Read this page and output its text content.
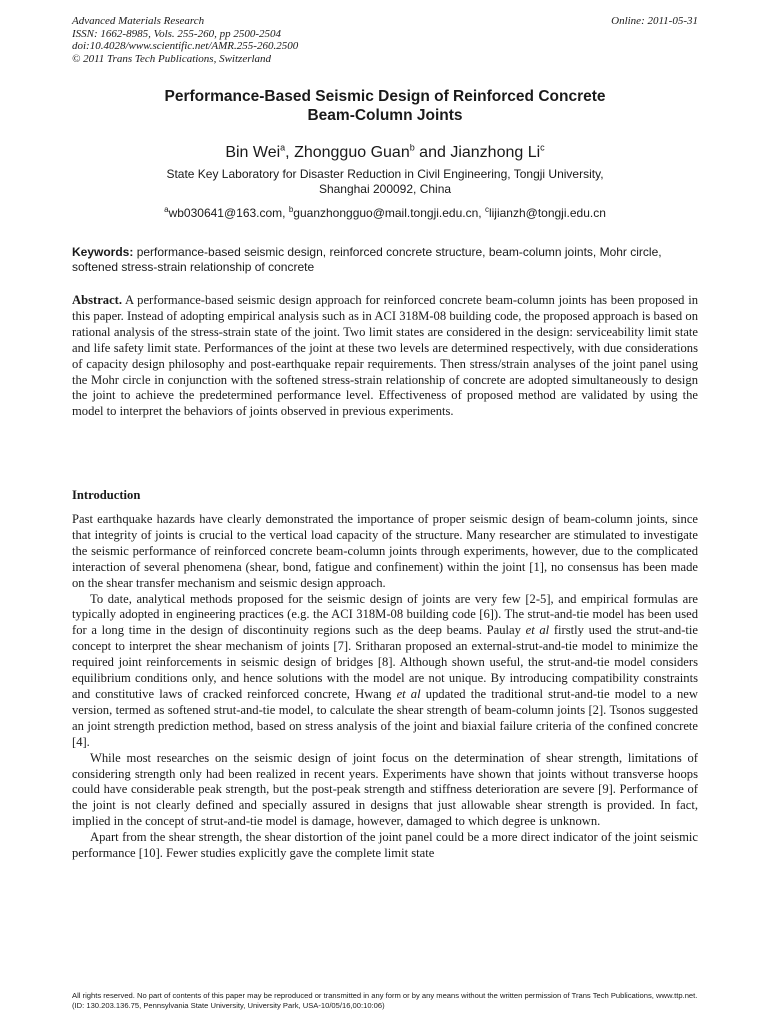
Advanced Materials Research
ISSN: 1662-8985, Vols. 255-260, pp 2500-2504
doi:10.4028/www.scientific.net/AMR.255-260.2500
© 2011 Trans Tech Publications, Switzerland
Online: 2011-05-31
Performance-Based Seismic Design of Reinforced Concrete
Beam-Column Joints
Bin Wei$^a$, Zhongguo Guan$^b$ and Jianzhong Li$^c$
State Key Laboratory for Disaster Reduction in Civil Engineering, Tongji University, Shanghai 200092, China
$^a$wb030641@163.com, $^b$guanzhongguo@mail.tongji.edu.cn, $^c$lijianzh@tongji.edu.cn
Keywords: performance-based seismic design, reinforced concrete structure, beam-column joints, Mohr circle, softened stress-strain relationship of concrete
Abstract. A performance-based seismic design approach for reinforced concrete beam-column joints has been proposed in this paper. Instead of adopting empirical analysis such as in ACI 318M-08 building code, the proposed approach is based on rational analysis of the stress-strain state of the joint. Two limit states are considered in the design: serviceability limit state and life safety limit state. Performances of the joint at these two levels are determined respectively, with due considerations of capacity design philosophy and post-earthquake repair requirements. Then stress/strain analyses of the joint panel using the Mohr circle in conjunction with the softened stress-strain relationship of concrete are adopted simultaneously to design the joint to achieve the predetermined performance level. Effectiveness of proposed method are validated by using the model to interpret the behaviors of joints observed in previous experiments.
Introduction

Past earthquake hazards have clearly demonstrated the importance of proper seismic design of beam-column joints, since that integrity of joints is crucial to the vertical load capacity of the structure. Many researcher are stimulated to investigate the seismic performance of reinforced concrete beam-column joints through experiments, however, due to the complicated interaction of several phenomena (shear, bond, fatigue and confinement) within the joint [1], no consensus has been made on the shear transfer mechanism and seismic design approach.

To date, analytical methods proposed for the seismic design of joints are very few [2-5], and empirical formulas are typically adopted in engineering practices (e.g. the ACI 318M-08 building code [6]). The strut-and-tie model has been used for a long time in the design of discontinuity regions such as the deep beams. Paulay et al firstly used the strut-and-tie concept to interpret the shear mechanism of joints [7]. Sritharan proposed an external-strut-and-tie model to minimize the required joint reinforcements in seismic design of bridges [8]. Although shown useful, the strut-and-tie model considers equilibrium conditions only, and hence solutions with the model are not unique. By introducing compatibility constraints and constitutive laws of cracked reinforced concrete, Hwang et al updated the traditional strut-and-tie model to a new version, termed as softened strut-and-tie model, to calculate the shear strength of beam-column joints [2]. Tsonos suggested an joint strength prediction method, based on stress analysis of the joint and biaxial failure criteria of the confined concrete [4].

While most researches on the seismic design of joint focus on the determination of shear strength, limitations of considering strength only had been realized in recent years. Experiments have shown that joints without transverse hoops could have considerable peak strength, but the post-peak strength and stiffness deterioration are severe [9]. Performance of the joint is not clearly defined and specially assured in designs that just allowable shear strength is provided. In fact, implied in the concept of strut-and-tie model is damage, however, damaged to which degree is unknown.

Apart from the shear strength, the shear distortion of the joint panel could be a more direct indicator of the joint seismic performance [10]. Fewer studies explicitly gave the complete limit state

All rights reserved. No part of contents of this paper may be reproduced or transmitted in any form or by any means without the written permission of Trans Tech Publications, www.ttp.net. (ID: 130.203.136.75, Pennsylvania State University, University Park, USA-10/05/16,00:10:06)
